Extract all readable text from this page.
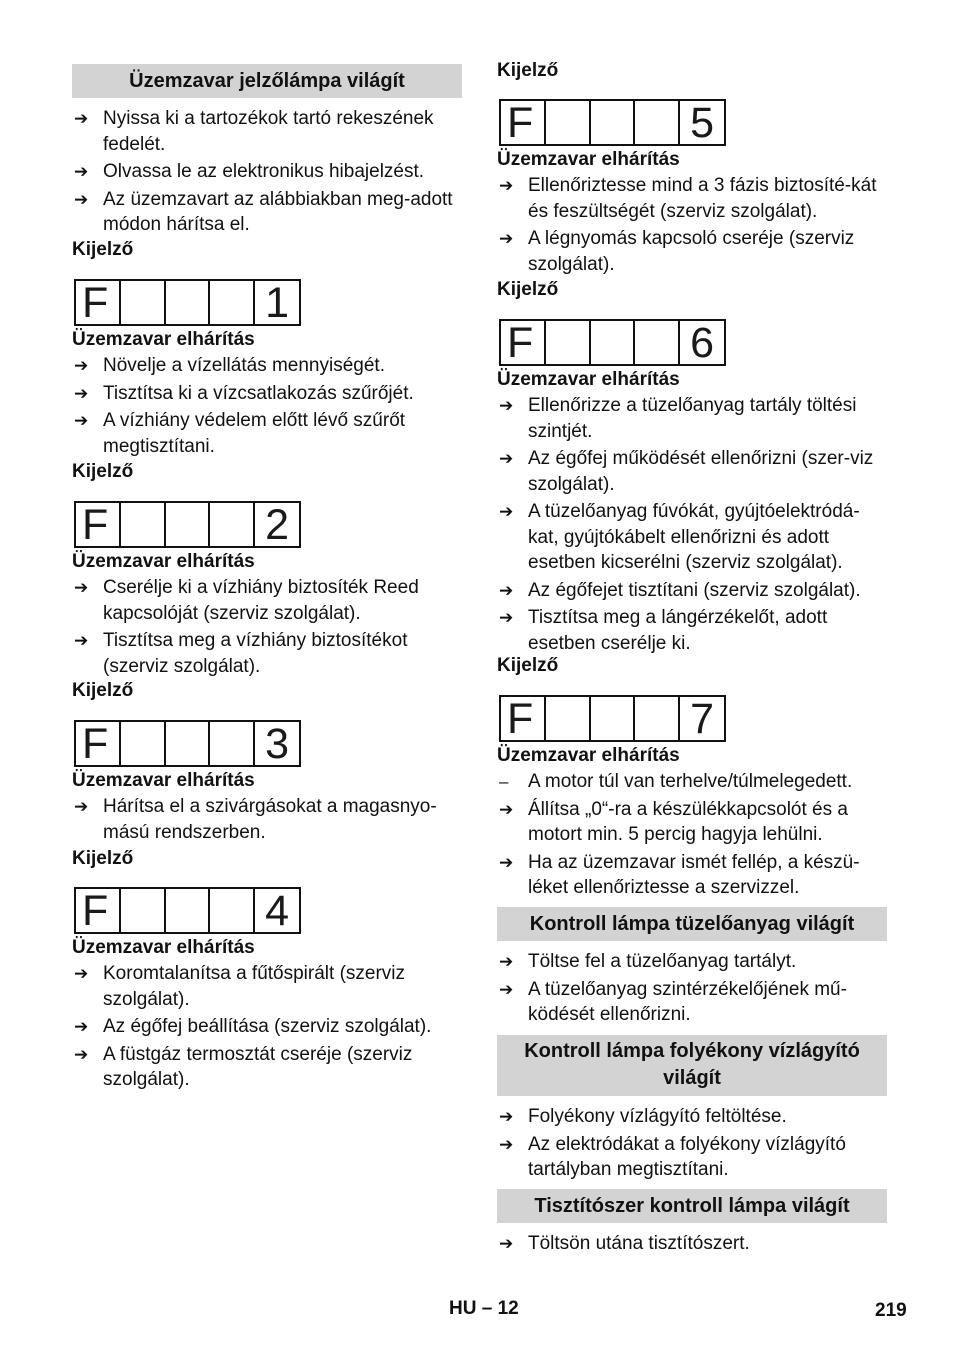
Üzemzavar jelzőlámpa világít
➔ Nyissa ki a tartozékok tartó rekeszének fedelét.
➔ Olvassa le az elektronikus hibajelzést.
➔ Az üzemzavart az alábbiakban meg-adott módon hárítsa el.
Kijelző
F	1
Üzemzavar elhárítás
➔ Növelje a vízellátás mennyiségét.
➔ Tisztítsa ki a vízcsatlakozás szűrőjét.
➔ A vízhiány védelem előtt lévő szűrőt megtisztítani.
Kijelző
F	2
Üzemzavar elhárítás
➔ Cserélje ki a vízhiány biztosíték Reed kapcsolóját (szerviz szolgálat).
➔ Tisztítsa meg a vízhiány biztosítékot (szerviz szolgálat).
Kijelző
F	3
Üzemzavar elhárítás
➔ Hárítsa el a szivárgásokat a magasnyo-mású rendszerben.
Kijelző
F	4
Üzemzavar elhárítás
➔ Koromtalanítsa a fűtőspirált (szerviz szolgálat).
➔ Az égőfej beállítása (szerviz szolgálat).
➔ A füstgáz termosztát cseréje (szerviz szolgálat).
Kijelző
F	5
Üzemzavar elhárítás
➔ Ellenőriztesse mind a 3 fázis biztosíté-kát és feszültségét (szerviz szolgálat).
➔ A légnyomás kapcsoló cseréje (szerviz szolgálat).
Kijelző
F	6
Üzemzavar elhárítás
➔ Ellenőrizze a tüzelőanyag tartály töltési szintjét.
➔ Az égőfej működését ellenőrizni (szer-viz szolgálat).
➔ A tüzelőanyag fúvókát, gyújtóelektródá-kat, gyújtókábelt ellenőrizni és adott esetben kicserélni (szerviz szolgálat).
➔ Az égőfejet tisztítani (szerviz szolgálat).
➔ Tisztítsa meg a lángérzékelőt, adott esetben cserélje ki.
Kijelző
F	7
Üzemzavar elhárítás
–	A motor túl van terhelve/túlmelegedett.
➔ Állítsa „0“-ra a készülékkapcsolót és a motort min. 5 percig hagyja lehülni.
➔ Ha az üzemzavar ismét fellép, a készü-léket ellenőriztesse a szervizzel.
Kontroll lámpa tüzelőanyag világít
➔ Töltse fel a tüzelőanyag tartályt.
➔ A tüzelőanyag szintérzékelőjének mű-ködését ellenőrizni.
Kontroll lámpa folyékony vízlágyító világít
➔ Folyékony vízlágyító feltöltése.
➔ Az elektródákat a folyékony vízlágyító tartályban megtisztítani.
Tisztítószer kontroll lámpa világít
➔ Töltsön utána tisztítószert.
HU – 12	219
